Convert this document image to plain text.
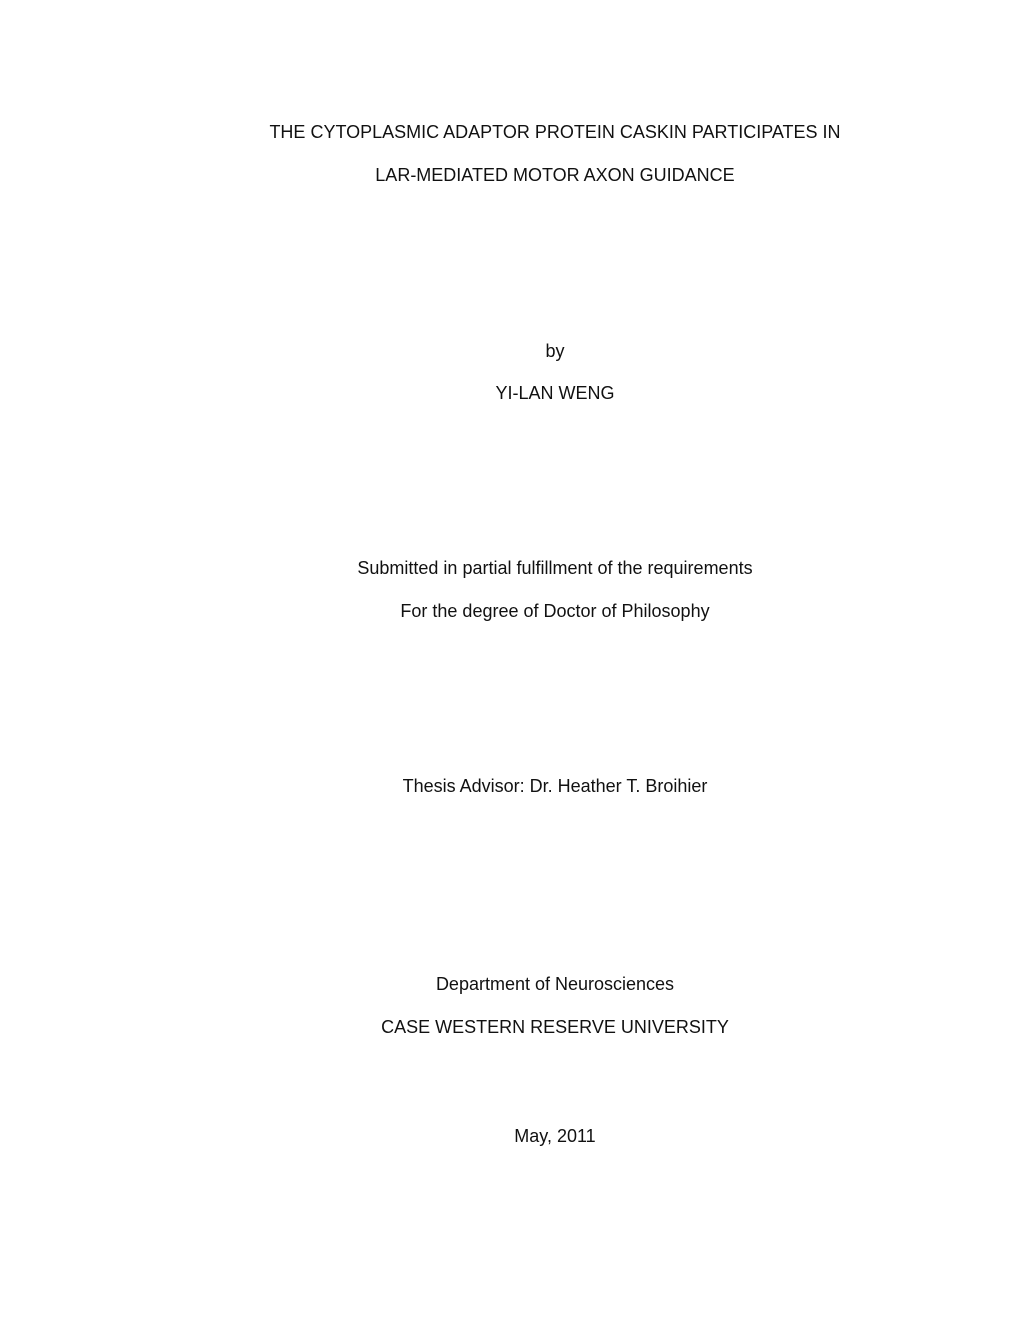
THE CYTOPLASMIC ADAPTOR PROTEIN CASKIN PARTICIPATES IN
LAR-MEDIATED MOTOR AXON GUIDANCE
by
YI-LAN WENG
Submitted in partial fulfillment of the requirements
For the degree of Doctor of Philosophy
Thesis Advisor: Dr. Heather T. Broihier
Department of Neurosciences
CASE WESTERN RESERVE UNIVERSITY
May, 2011
